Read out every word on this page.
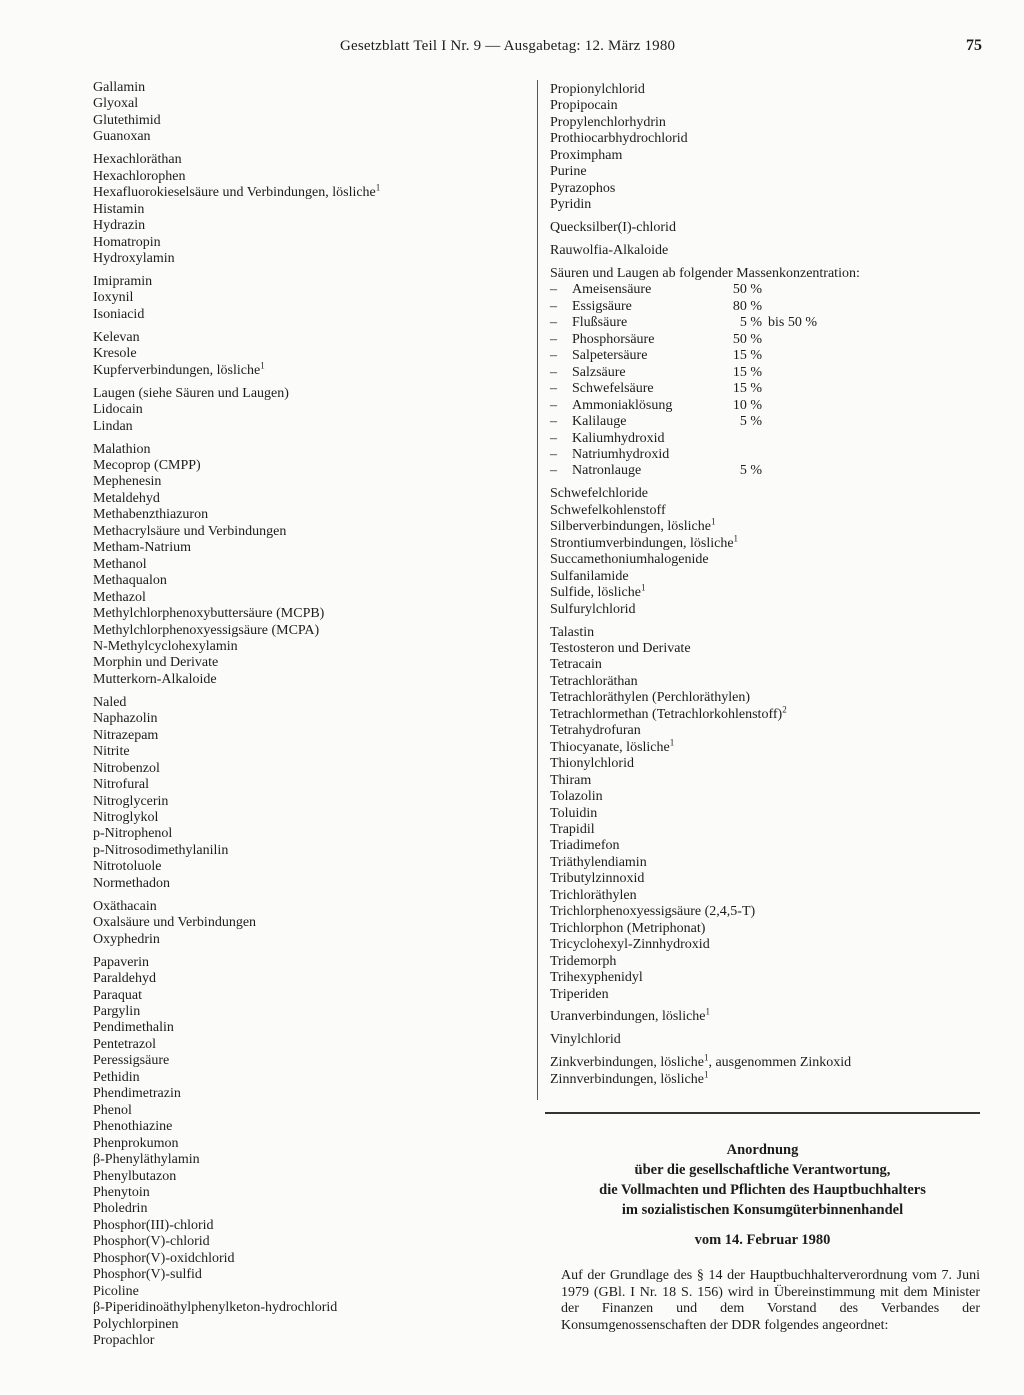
Gesetzblatt Teil I Nr. 9 — Ausgabetag: 12. März 1980	75
Gallamin
Glyoxal
Glutethimid
Guanoxan
Hexachloräthan
Hexachlorophen
Hexafluorokieselsäure und Verbindungen, lösliche$^1$
Histamin
Hydrazin
Homatropin
Hydroxylamin
Imipramin
Ioxynil
Isoniacid
Kelevan
Kresole
Kupferverbindungen, lösliche$^1$
Laugen (siehe Säuren und Laugen)
Lidocain
Lindan
Malathion
Mecoprop (CMPP)
Mephenesin
Metaldehyd
Methabenzthiazuron
Methacrylsäure und Verbindungen
Metham-Natrium
Methanol
Methaqualon
Methazol
Methylchlorphenoxybuttersäure (MCPB)
Methylchlorphenoxyessigsäure (MCPA)
N-Methylcyclohexylamin
Morphin und Derivate
Mutterkorn-Alkaloide
Naled
Naphazolin
Nitrazepam
Nitrite
Nitrobenzol
Nitrofural
Nitroglycerin
Nitroglykol
p-Nitrophenol
p-Nitrosodimethylanilin
Nitrotoluole
Normethadon
Oxäthacain
Oxalsäure und Verbindungen
Oxyphedrin
Papaverin
Paraldehyd
Paraquat
Pargylin
Pendimethalin
Pentetrazol
Peressigsäure
Pethidin
Phendimetrazin
Phenol
Phenothiazine
Phenprokumon
β-Phenyläthylamin
Phenylbutazon
Phenytoin
Pholedrin
Phosphor(III)-chlorid
Phosphor(V)-chlorid
Phosphor(V)-oxidchlorid
Phosphor(V)-sulfid
Picoline
β-Piperidinoäthylphenylketon-hydrochlorid
Polychlorpinen
Propachlor
Propionylchlorid
Propipocain
Propylenchlorhydrin
Prothiocarbhydrochlorid
Proximpham
Purine
Pyrazophos
Pyridin
Quecksilber(I)-chlorid
Rauwolfia-Alkaloide
Säuren und Laugen ab folgender Massenkonzentration:
–	Ameisensäure	50 %
–	Essigsäure	80 %
–	Flußsäure	5 % bis 50 %
–	Phosphorsäure	50 %
–	Salpetersäure	15 %
–	Salzsäure	15 %
–	Schwefelsäure	15 %
–	Ammoniaklösung	10 %
–	Kalilauge	5 %
–	Kaliumhydroxid
–	Natriumhydroxid
–	Natronlauge	5 %
Schwefelchloride
Schwefelkohlenstoff
Silberverbindungen, lösliche$^1$
Strontiumverbindungen, lösliche$^1$
Succamethoniumhalogenide
Sulfanilamide
Sulfide, lösliche$^1$
Sulfurylchlorid
Talastin
Testosteron und Derivate
Tetracain
Tetrachloräthan
Tetrachloräthylen (Perchloräthylen)
Tetrachlormethan (Tetrachlorkohlenstoff)$^2$
Tetrahydrofuran
Thiocyanate, lösliche$^1$
Thionylchlorid
Thiram
Tolazolin
Toluidin
Trapidil
Triadimefon
Triäthylendiamin
Tributylzinnoxid
Trichloräthylen
Trichlorphenoxyessigsäure (2,4,5-T)
Trichlorphon (Metriphonat)
Tricyclohexyl-Zinnhydroxid
Tridemorph
Trihexyphenidyl
Triperiden
Uranverbindungen, lösliche$^1$
Vinylchlorid
Zinkverbindungen, lösliche$^1$, ausgenommen Zinkoxid
Zinnverbindungen, lösliche$^1$
Anordnung
über die gesellschaftliche Verantwortung,
die Vollmachten und Pflichten des Hauptbuchhalters
im sozialistischen Konsumgüterbinnenhandel
vom 14. Februar 1980
Auf der Grundlage des § 14 der Hauptbuchhalterverordnung vom 7. Juni 1979 (GBl. I Nr. 18 S. 156) wird in Übereinstimmung mit dem Minister der Finanzen und dem Vorstand des Verbandes der Konsumgenossenschaften der DDR folgendes angeordnet:
